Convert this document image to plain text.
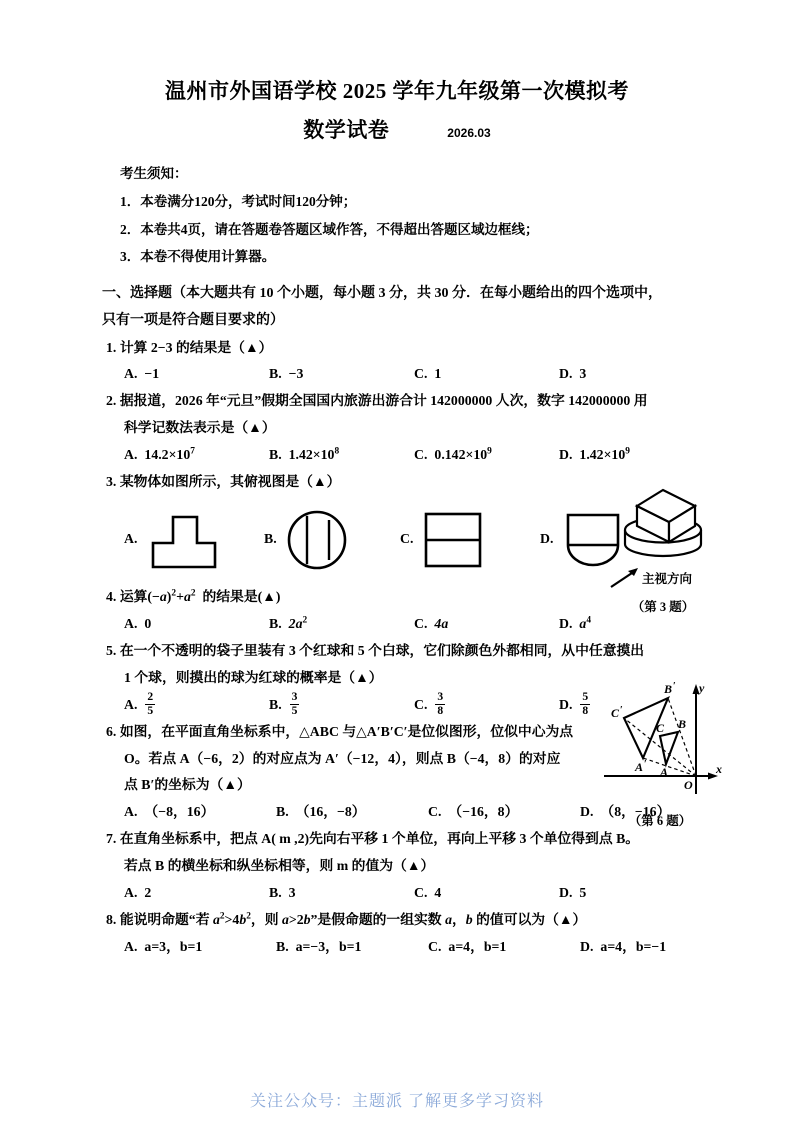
温州市外国语学校 2025 学年九年级第一次模拟考
数学试卷	2026.03
考生须知：
1．本卷满分120分，考试时间120分钟；
2．本卷共4页，请在答题卷答题区域作答，不得超出答题区域边框线；
3．本卷不得使用计算器。
一、选择题（本大题共有 10 个小题，每小题 3 分，共 30 分．在每小题给出的四个选项中，
只有一项是符合题目要求的）
1. 计算 2−3 的结果是（▲）
A. −1	B. −3	C. 1	D. 3
2. 据报道，2026 年“元旦”假期全国国内旅游出游合计 142000000 人次，数字 142000000 用
科学记数法表示是（▲）
A. $14.2\times 10^7$	B. $1.42\times 10^8$	C. $0.142\times 10^9$	D. $1.42\times 10^9$
3. 某物体如图所示，其俯视图是（▲）
A.	B.	C.	D.
4. 运算$(-a)^2+a^2$  的结果是(▲)
A. 0	B. $2a^2$	C. 4a	D. $a^4$
5. 在一个不透明的袋子里装有 3 个红球和 5 个白球，它们除颜色外都相同，从中任意摸出
1 个球，则摸出的球为红球的概率是（▲）
A. $\frac{2}{5}$	B. $\frac{3}{5}$	C. $\frac{3}{8}$	D. $\frac{5}{8}$
6. 如图，在平面直角坐标系中，△ABC 与△A′B′C′是位似图形，位似中心为点
O。若点 A（−6，2）的对应点为 A′（−12，4），则点 B（−4，8）的对应
点 B′的坐标为（▲）
A. （−8，16）	B. （16，−8）	C. （−16，8）	D. （8，−16）
7. 在直角坐标系中，把点 A( m ,2)先向右平移 1 个单位，再向上平移 3 个单位得到点 B。
若点 B 的横坐标和纵坐标相等，则 m 的值为（▲）
A. 2	B. 3	C. 4	D. 5
8. 能说明命题“若 $a^2>4b^2$，则 a>2b”是假命题的一组实数 a，b 的值可以为（▲）
A. a=3，b=1	B. a=−3，b=1	C. a=4，b=1	D. a=4，b=−1
主视方向
（第 3 题）
C ′
B ′
A ′
C B
A
O
y
x
（第 6 题）
关注公众号：主题派 了解更多学习资料
